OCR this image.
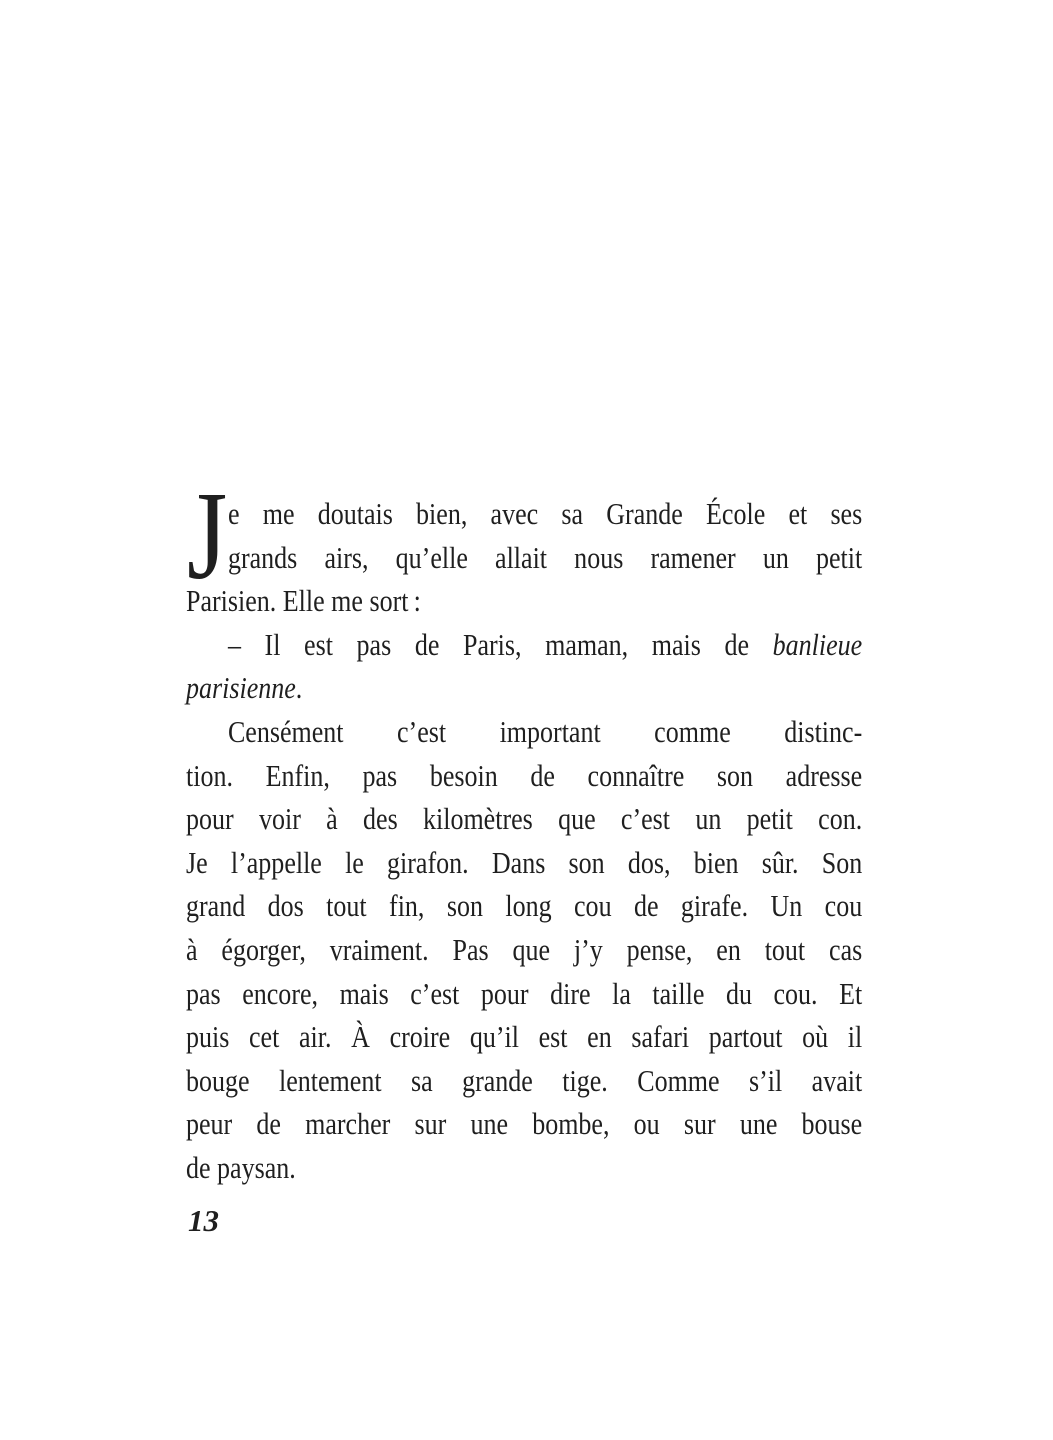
J e me doutais bien, avec sa Grande École et ses
grands airs, qu’elle allait nous ramener un petit
Parisien. Elle me sort :
– Il est pas de Paris, maman, mais de banlieue
parisienne.
Censément c’est important comme distinc-
tion. Enfin, pas besoin de connaître son adresse
pour voir à des kilomètres que c’est un petit con.
Je l’appelle le girafon. Dans son dos, bien sûr. Son
grand dos tout fin, son long cou de girafe. Un cou
à égorger, vraiment. Pas que j’y pense, en tout cas
pas encore, mais c’est pour dire la taille du cou. Et
puis cet air. À croire qu’il est en safari partout où il
bouge lentement sa grande tige. Comme s’il avait
peur de marcher sur une bombe, ou sur une bouse
de paysan.
13
